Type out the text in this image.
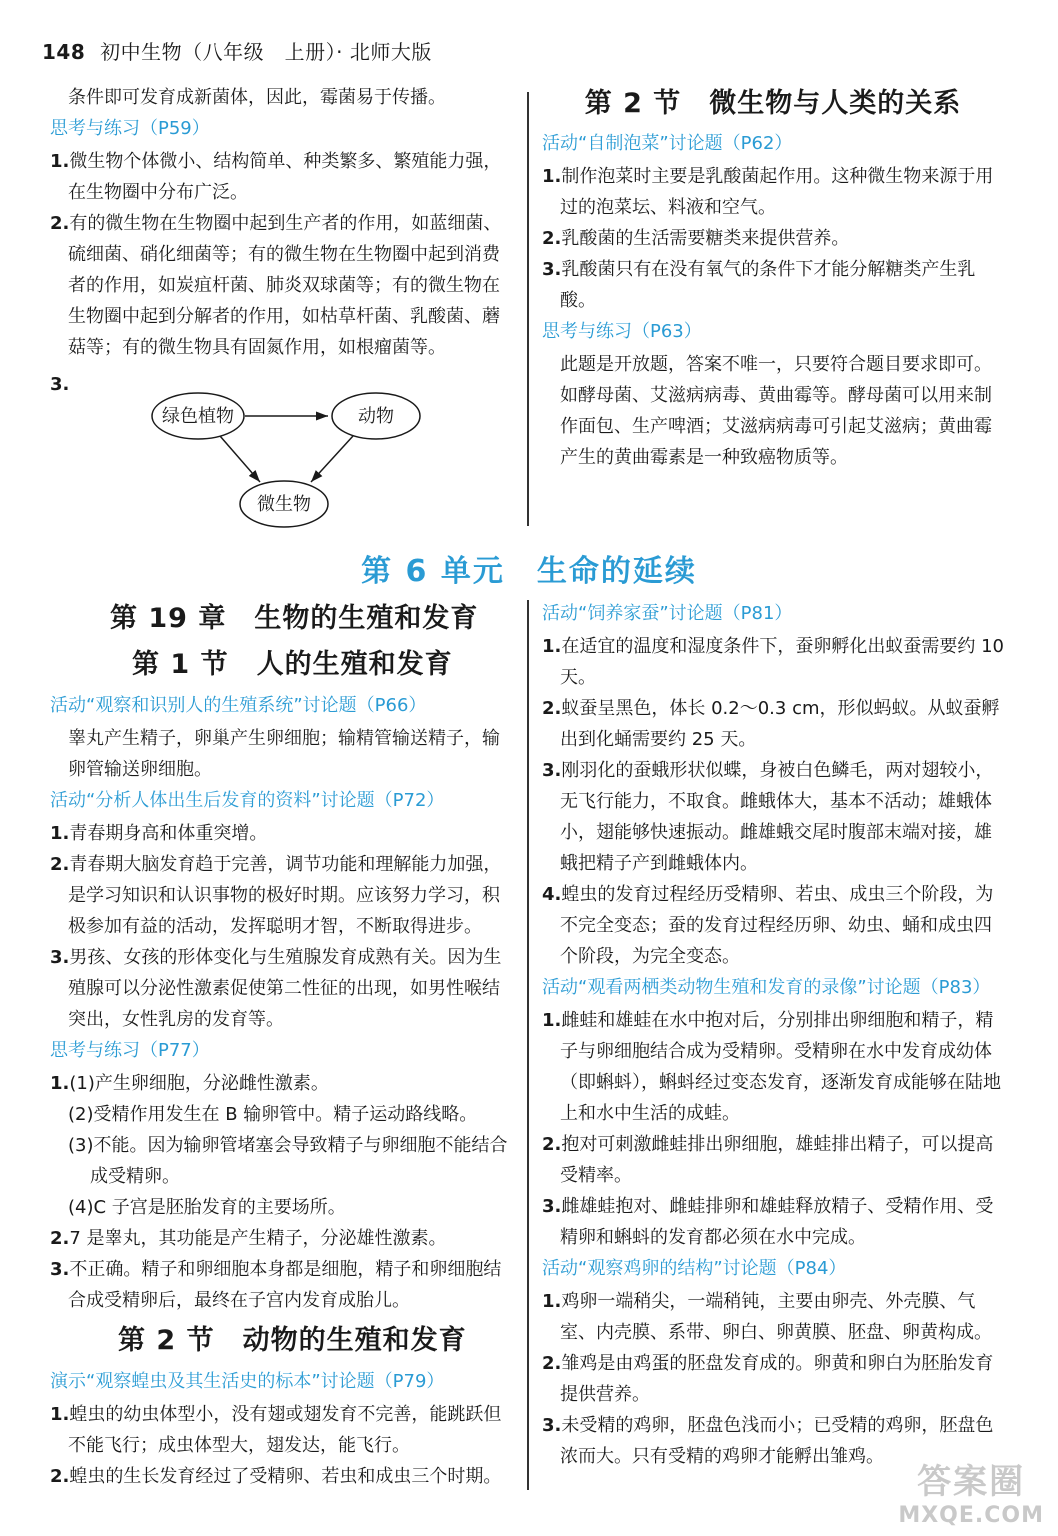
148 初中生物（八年级　上册）· 北师大版

条件即可发育成新菌体，因此，霉菌易于传播。

思考与练习（P59）

1.微生物个体微小、结构简单、种类繁多、繁殖能力强，在生物圈中分布广泛。

2.有的微生物在生物圈中起到生产者的作用，如蓝细菌、硫细菌、硝化细菌等；有的微生物在生物圈中起到消费者的作用，如炭疽杆菌、肺炎双球菌等；有的微生物在生物圈中起到分解者的作用，如枯草杆菌、乳酸菌、蘑菇等；有的微生物具有固氮作用，如根瘤菌等。

3.

绿色植物	动物
微生物
第 2 节　微生物与人类的关系
活动“自制泡菜”讨论题（P62）

1.制作泡菜时主要是乳酸菌起作用。这种微生物来源于用过的泡菜坛、料液和空气。

2.乳酸菌的生活需要糖类来提供营养。

3.乳酸菌只有在没有氧气的条件下才能分解糖类产生乳酸。

思考与练习（P63）

此题是开放题，答案不唯一，只要符合题目要求即可。如酵母菌、艾滋病病毒、黄曲霉等。酵母菌可以用来制作面包、生产啤酒；艾滋病病毒可引起艾滋病；黄曲霉产生的黄曲霉素是一种致癌物质等。

第 6 单元　生命的延续
第 19 章　生物的生殖和发育
第 1 节　人的生殖和发育
活动“观察和识别人的生殖系统”讨论题（P66）

睾丸产生精子，卵巢产生卵细胞；输精管输送精子，输卵管输送卵细胞。

活动“分析人体出生后发育的资料”讨论题（P72）

1.青春期身高和体重突增。

2.青春期大脑发育趋于完善，调节功能和理解能力加强，是学习知识和认识事物的极好时期。应该努力学习，积极参加有益的活动，发挥聪明才智，不断取得进步。

3.男孩、女孩的形体变化与生殖腺发育成熟有关。因为生殖腺可以分泌性激素促使第二性征的出现，如男性喉结突出，女性乳房的发育等。

思考与练习（P77）

1.(1)产生卵细胞，分泌雌性激素。

(2)受精作用发生在 B 输卵管中。精子运动路线略。

(3)不能。因为输卵管堵塞会导致精子与卵细胞不能结合成受精卵。

(4)C 子宫是胚胎发育的主要场所。

2.7 是睾丸，其功能是产生精子，分泌雄性激素。

3.不正确。精子和卵细胞本身都是细胞，精子和卵细胞结合成受精卵后，最终在子宫内发育成胎儿。

第 2 节　动物的生殖和发育
演示“观察蝗虫及其生活史的标本”讨论题（P79）

1.蝗虫的幼虫体型小，没有翅或翅发育不完善，能跳跃但不能飞行；成虫体型大，翅发达，能飞行。

2.蝗虫的生长发育经过了受精卵、若虫和成虫三个时期。

活动“饲养家蚕”讨论题（P81）

1.在适宜的温度和湿度条件下，蚕卵孵化出蚁蚕需要约 10 天。

2.蚁蚕呈黑色，体长 0.2～0.3 cm，形似蚂蚁。从蚁蚕孵出到化蛹需要约 25 天。

3.刚羽化的蚕蛾形状似蝶，身被白色鳞毛，两对翅较小，无飞行能力，不取食。雌蛾体大，基本不活动；雄蛾体小，翅能够快速振动。雌雄蛾交尾时腹部末端对接，雄蛾把精子产到雌蛾体内。

4.蝗虫的发育过程经历受精卵、若虫、成虫三个阶段，为不完全变态；蚕的发育过程经历卵、幼虫、蛹和成虫四个阶段，为完全变态。

活动“观看两栖类动物生殖和发育的录像”讨论题（P83）

1.雌蛙和雄蛙在水中抱对后，分别排出卵细胞和精子，精子与卵细胞结合成为受精卵。受精卵在水中发育成幼体（即蝌蚪），蝌蚪经过变态发育，逐渐发育成能够在陆地上和水中生活的成蛙。

2.抱对可刺激雌蛙排出卵细胞，雄蛙排出精子，可以提高受精率。

3.雌雄蛙抱对、雌蛙排卵和雄蛙释放精子、受精作用、受精卵和蝌蚪的发育都必须在水中完成。

活动“观察鸡卵的结构”讨论题（P84）

1.鸡卵一端稍尖，一端稍钝，主要由卵壳、外壳膜、气室、内壳膜、系带、卵白、卵黄膜、胚盘、卵黄构成。

2.雏鸡是由鸡蛋的胚盘发育成的。卵黄和卵白为胚胎发育提供营养。

3.未受精的鸡卵，胚盘色浅而小；已受精的鸡卵，胚盘色浓而大。只有受精的鸡卵才能孵出雏鸡。

答案圈
MXQE.COM
